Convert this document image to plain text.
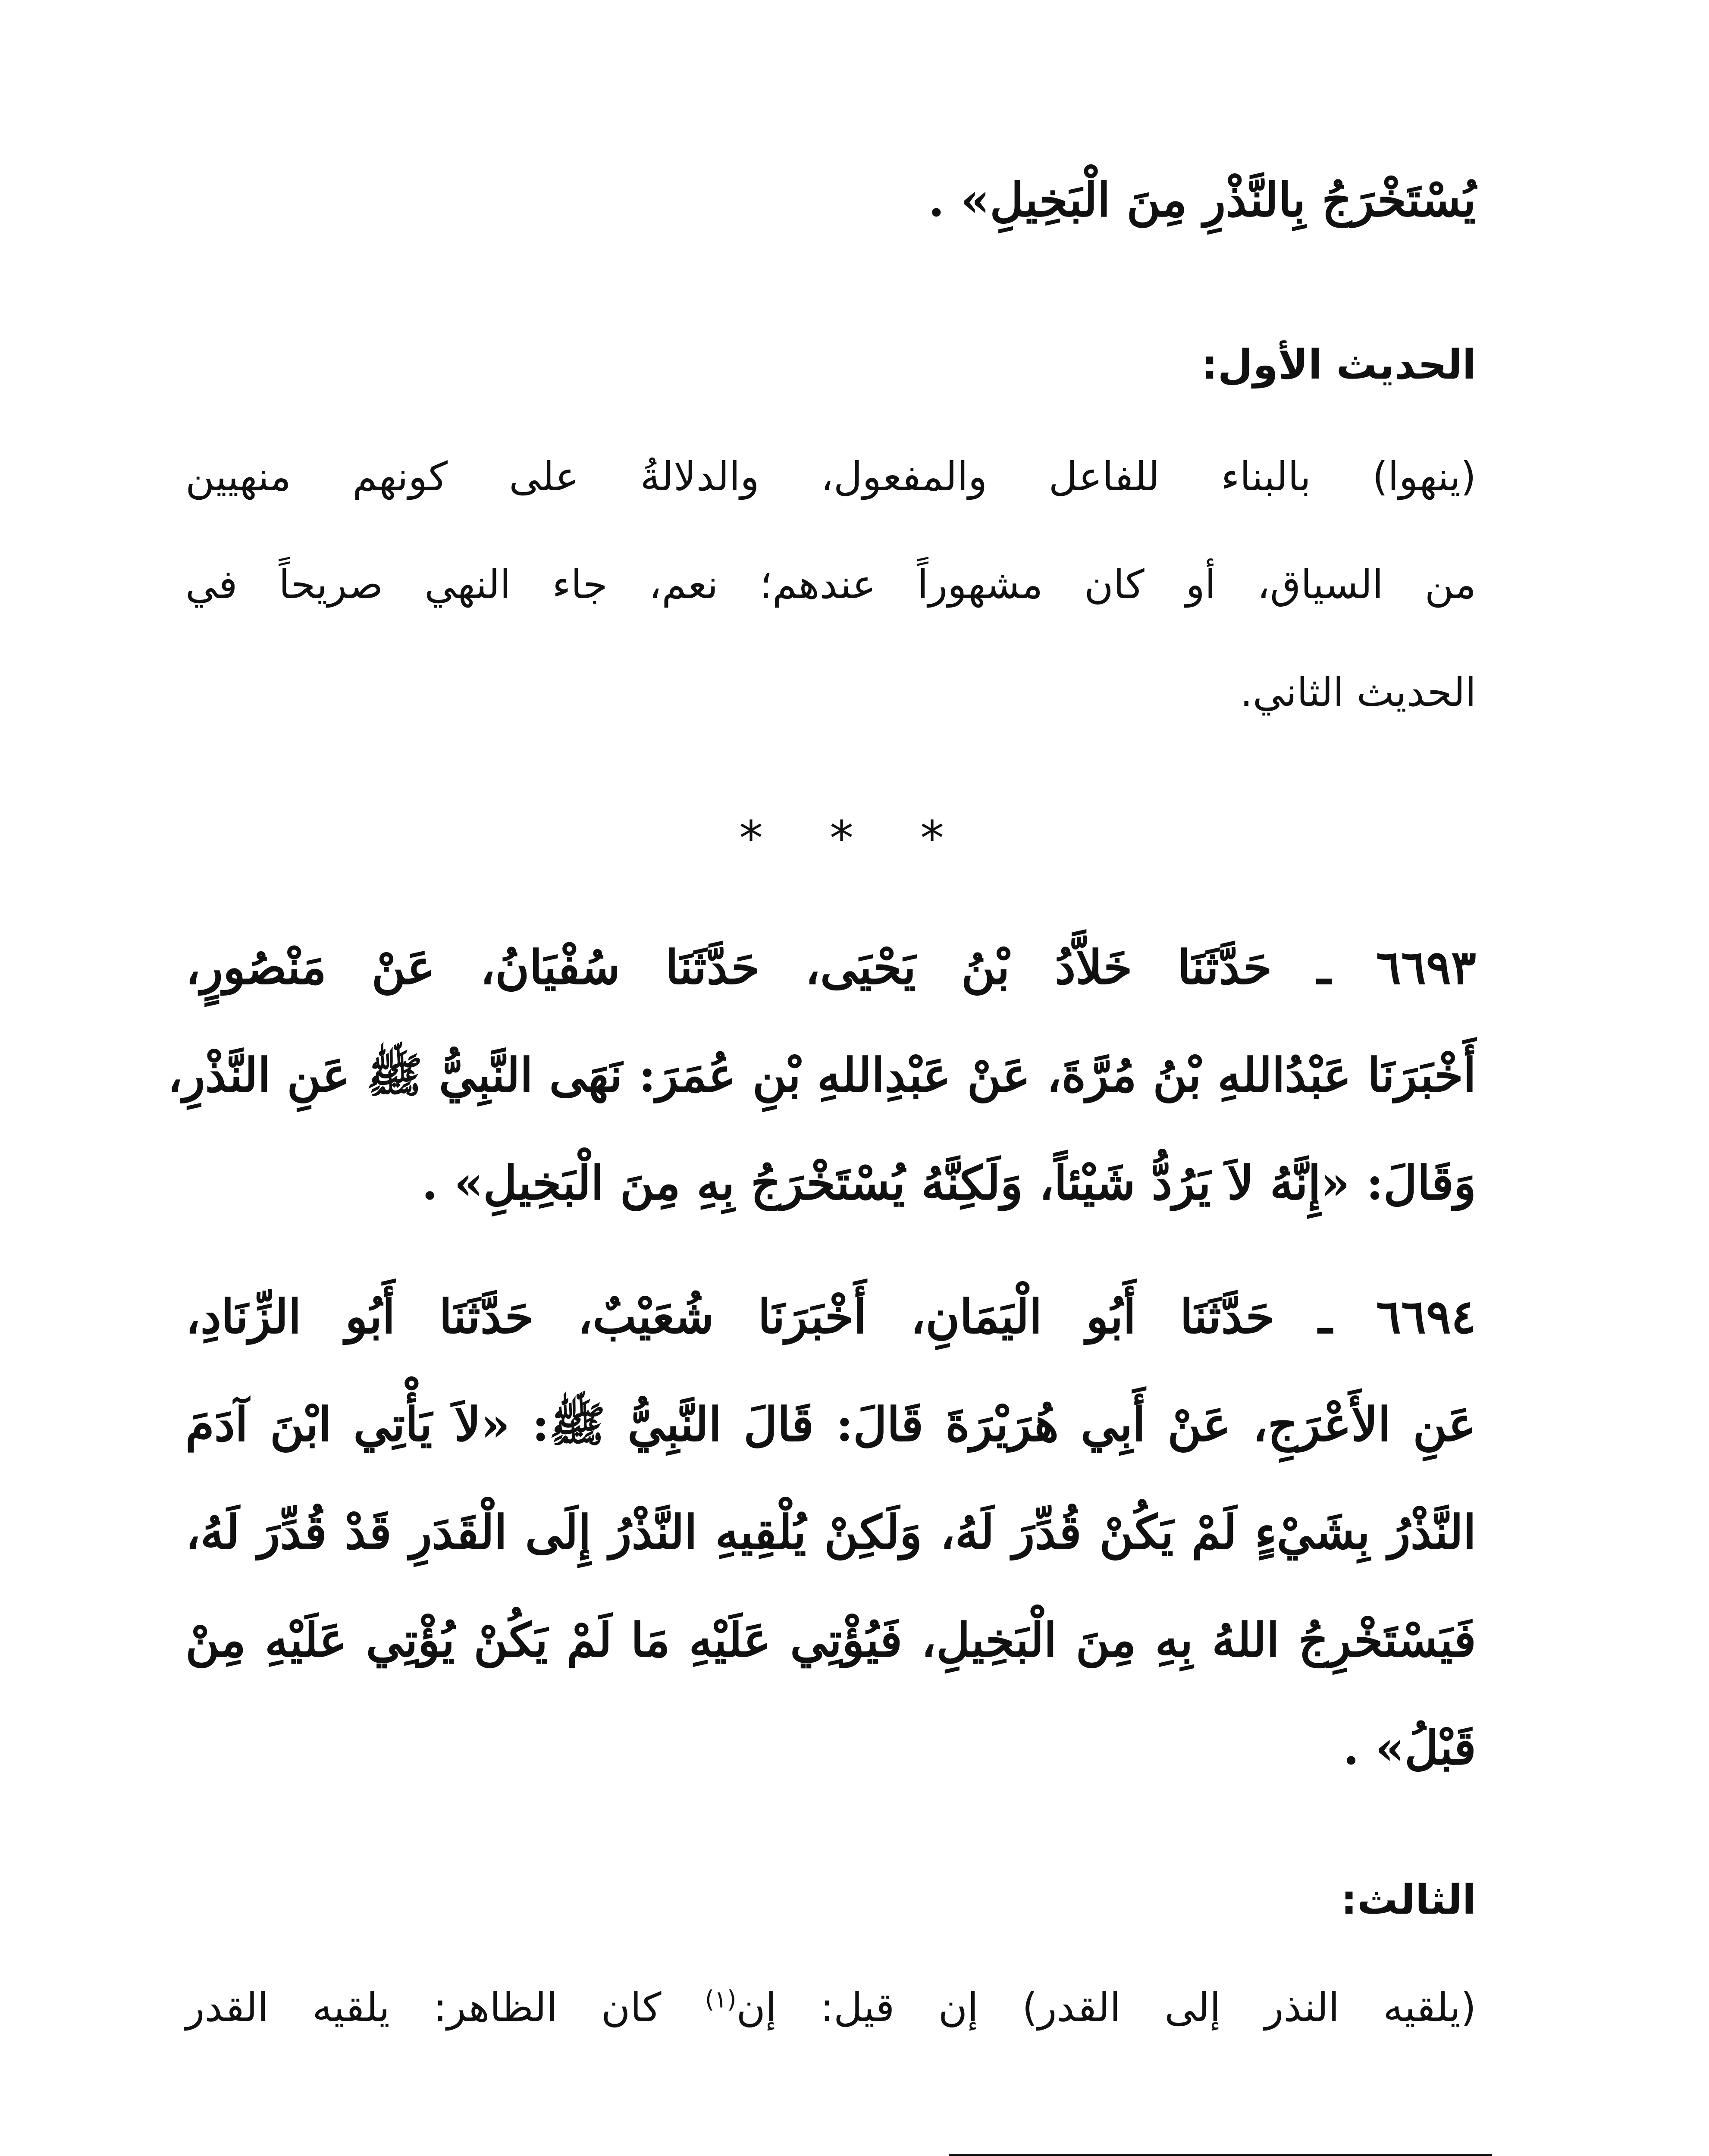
يُسْتَخْرَجُ بِالنَّذْرِ مِنَ الْبَخِيلِ» .
الحديث الأول:
(ينهوا) بالبناء للفاعل والمفعول، والدلالةُ على كونهم منهيين
من السياق، أو كان مشهوراً عندهم؛ نعم، جاء النهي صريحاً في
الحديث الثاني.
* * *
٦٦٩٣ ـ حَدَّثَنَا خَلاَّدُ بْنُ يَحْيَى، حَدَّثَنَا سُفْيَانُ، عَنْ مَنْصُورٍ،
أَخْبَرَنَا عَبْدُاللهِ بْنُ مُرَّةَ، عَنْ عَبْدِاللهِ بْنِ عُمَرَ: نَهَى النَّبِيُّ ﷺ عَنِ النَّذْرِ،
وَقَالَ: «إِنَّهُ لاَ يَرُدُّ شَيْئاً، وَلَكِنَّهُ يُسْتَخْرَجُ بِهِ مِنَ الْبَخِيلِ» .
٦٦٩٤ ـ حَدَّثَنَا أَبُو الْيَمَانِ، أَخْبَرَنَا شُعَيْبٌ، حَدَّثَنَا أَبُو الزِّنَادِ،
عَنِ الأَعْرَجِ، عَنْ أَبِي هُرَيْرَةَ قَالَ: قَالَ النَّبِيُّ ﷺ: «لاَ يَأْتِي ابْنَ آدَمَ
النَّذْرُ بِشَيْءٍ لَمْ يَكُنْ قُدِّرَ لَهُ، وَلَكِنْ يُلْقِيهِ النَّذْرُ إِلَى الْقَدَرِ قَدْ قُدِّرَ لَهُ،
فَيَسْتَخْرِجُ اللهُ بِهِ مِنَ الْبَخِيلِ، فَيُؤْتِي عَلَيْهِ مَا لَمْ يَكُنْ يُؤْتِي عَلَيْهِ مِنْ
قَبْلُ» .
الثالث:
(يلقيه النذر إلى القدر) إن قيل: إن$^{(١)}$ كان الظاهر: يلقيه القدر
